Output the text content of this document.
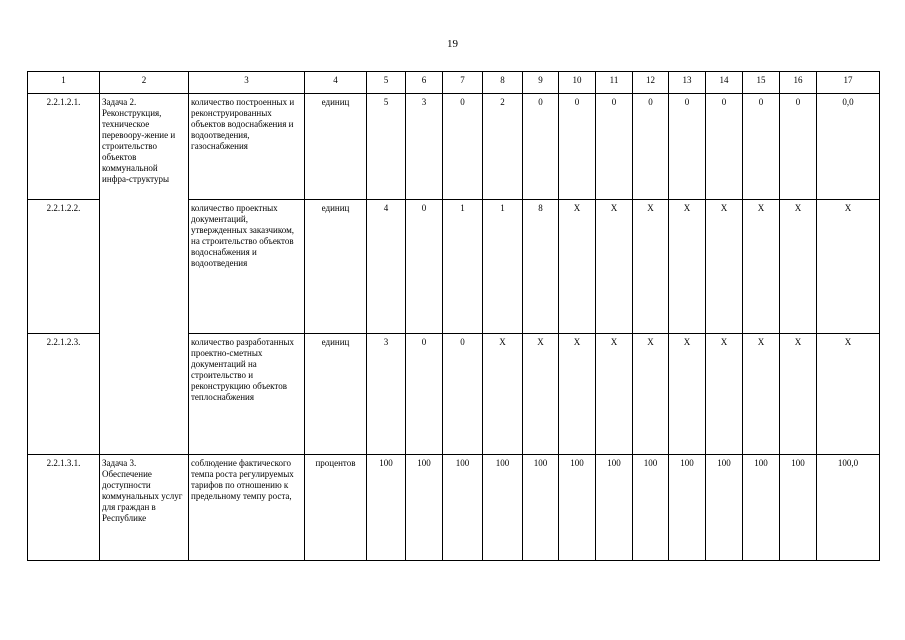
19
1	2	3	4	5	6	7	8	9	10	11	12	13	14	15	16	17
2.2.1.2.1.	Задача 2. Реконструкция, техническое перевоору-жение и строительство объектов коммунальной инфра-структуры	количество построенных и реконструированных объектов водоснабжения и водоотведения, газоснабжения	единиц	5	3	0	2	0	0	0	0	0	0	0	0	0,0
2.2.1.2.2.		количество проектных документаций, утвержденных заказчиком, на строительство объектов водоснабжения и водоотведения	единиц	4	0	1	1	8	X	X	X	X	X	X	X	X
2.2.1.2.3.		количество разработанных проектно-сметных документаций на строительство и реконструкцию объектов теплоснабжения	единиц	3	0	0	X	X	X	X	X	X	X	X	X	X
2.2.1.3.1.	Задача 3. Обеспечение доступности коммунальных услуг для граждан в Республике	соблюдение фактического темпа роста регулируемых тарифов по отношению к предельному темпу роста,	процентов	100	100	100	100	100	100	100	100	100	100	100	100	100,0
